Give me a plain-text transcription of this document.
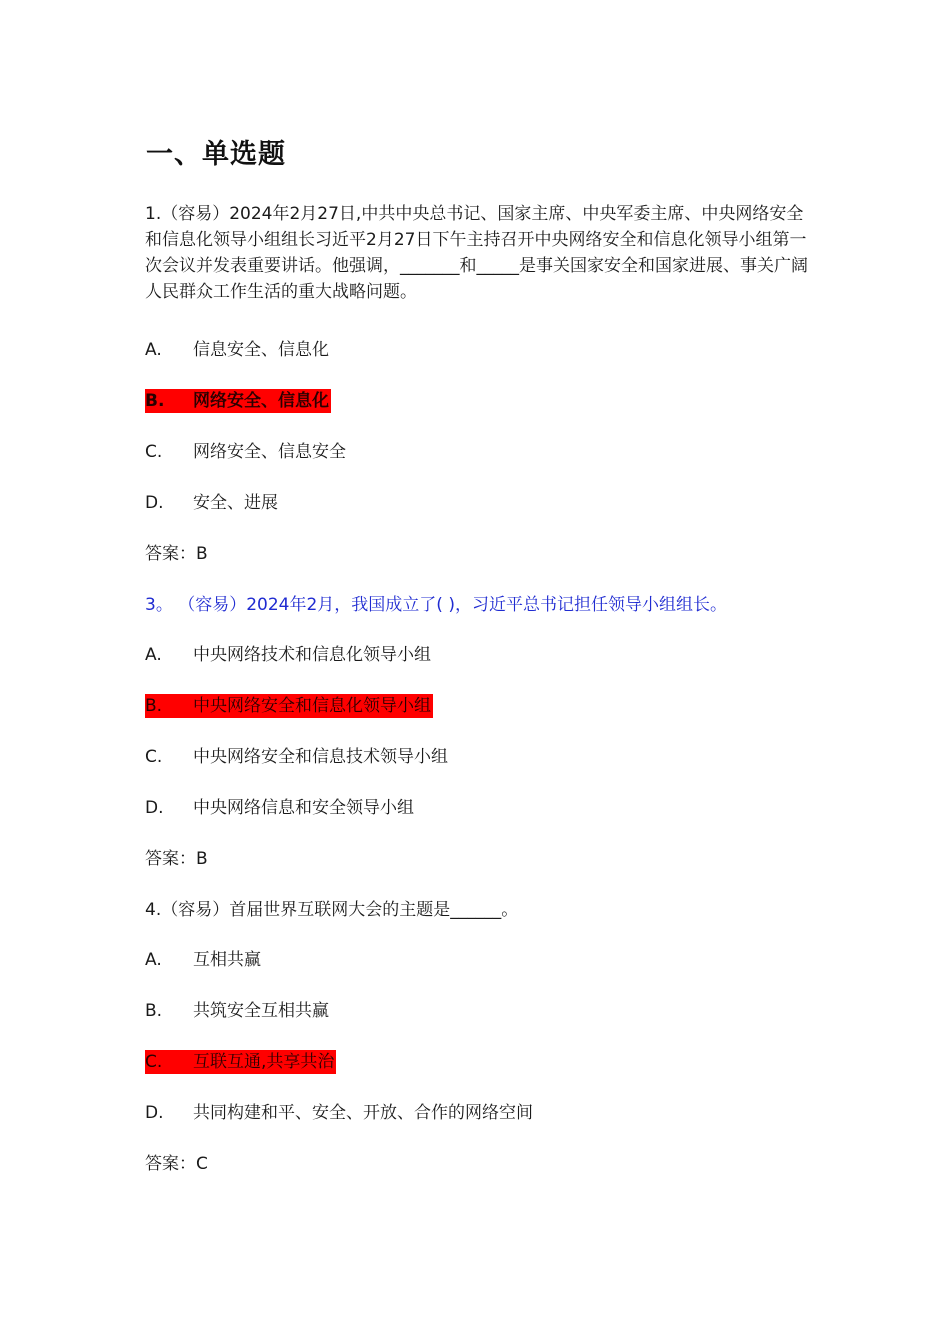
一、单选题
1.（容易）2024年2月27日,中共中央总书记、国家主席、中央军委主席、中央网络安全和信息化领导小组组长习近平2月27日下午主持召开中央网络安全和信息化领导小组第一次会议并发表重要讲话。他强调，_______和_____是事关国家安全和国家进展、事关广阔人民群众工作生活的重大战略问题。
A. 信息安全、信息化
B. 网络安全、信息化
C. 网络安全、信息安全
D. 安全、进展
答案：B
3。 （容易）2024年2月，我国成立了( )，习近平总书记担任领导小组组长。
A. 中央网络技术和信息化领导小组
B. 中央网络安全和信息化领导小组
C. 中央网络安全和信息技术领导小组
D. 中央网络信息和安全领导小组
答案：B
4.（容易）首届世界互联网大会的主题是______。
A. 互相共赢
B. 共筑安全互相共赢
C. 互联互通,共享共治
D. 共同构建和平、安全、开放、合作的网络空间
答案：C
